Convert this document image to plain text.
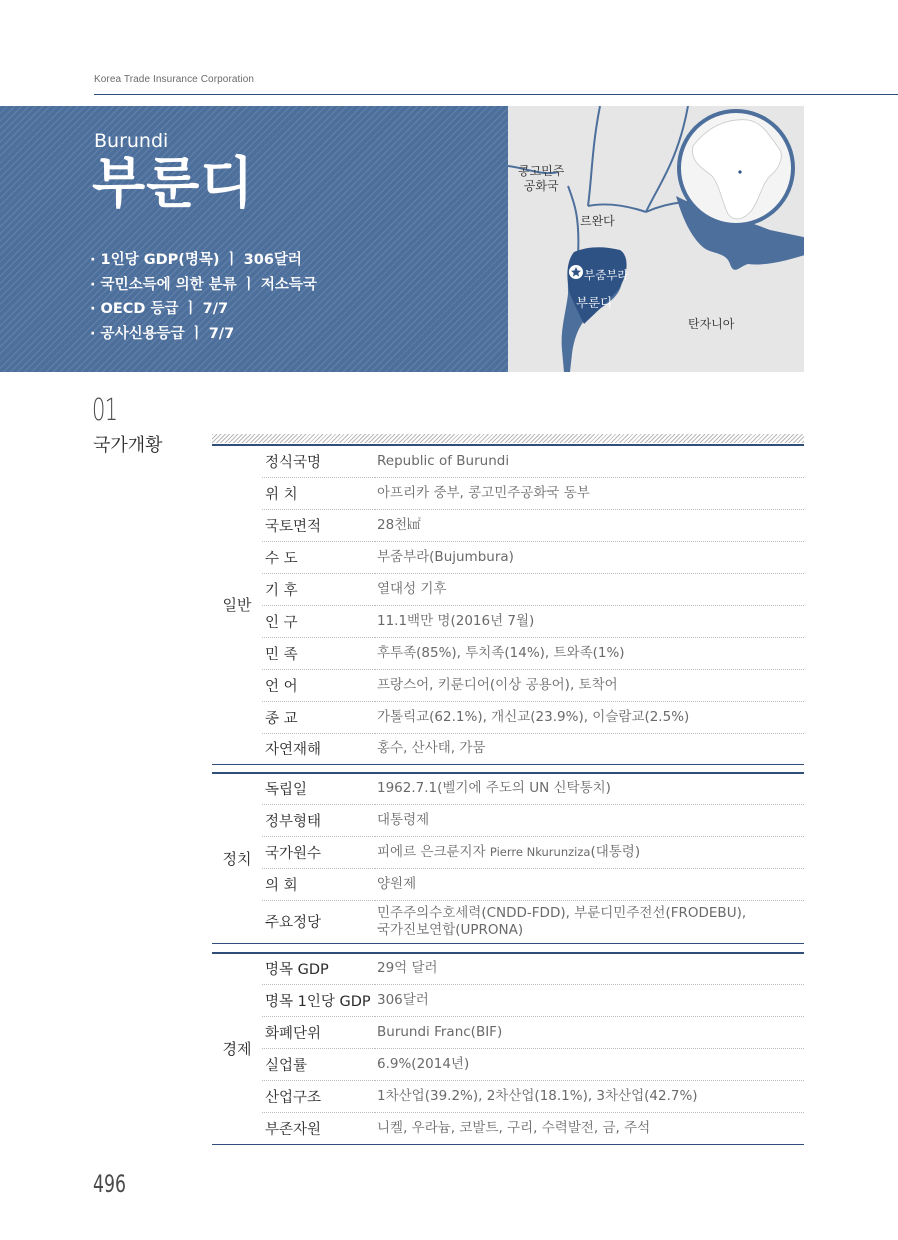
Korea Trade Insurance Corporation
Burundi
부룬디
· 1인당 GDP(명목) ㅣ 306달러
· 국민소득에 의한 분류 ㅣ 저소득국
· OECD 등급 ㅣ 7/7
· 공사신용등급 ㅣ 7/7
콩고민주
공화국
르완다
부줌부라
부룬디
탄자니아
01
국가개황
일반	정식국명	Republic of Burundi
	위 치	아프리카 중부, 콩고민주공화국 동부
	국토면적	28천㎢
	수 도	부줌부라(Bujumbura)
	기 후	열대성 기후
	인 구	11.1백만 명(2016년 7월)
	민 족	후투족(85%), 투치족(14%), 트와족(1%)
	언 어	프랑스어, 키룬디어(이상 공용어), 토착어
	종 교	가톨릭교(62.1%), 개신교(23.9%), 이슬람교(2.5%)
	자연재해	홍수, 산사태, 가뭄

정치	독립일	1962.7.1(벨기에 주도의 UN 신탁통치)
	정부형태	대통령제
	국가원수	피에르 은크룬지자 Pierre Nkurunziza(대통령)
	의 회	양원제
	주요정당	민주주의수호세력(CNDD-FDD), 부룬디민주전선(FRODEBU),
국가진보연합(UPRONA)

경제	명목 GDP	29억 달러
	명목 1인당 GDP	306달러
	화폐단위	Burundi Franc(BIF)
	실업률	6.9%(2014년)
	산업구조	1차산업(39.2%), 2차산업(18.1%), 3차산업(42.7%)
	부존자원	니켈, 우라늄, 코발트, 구리, 수력발전, 금, 주석
496
